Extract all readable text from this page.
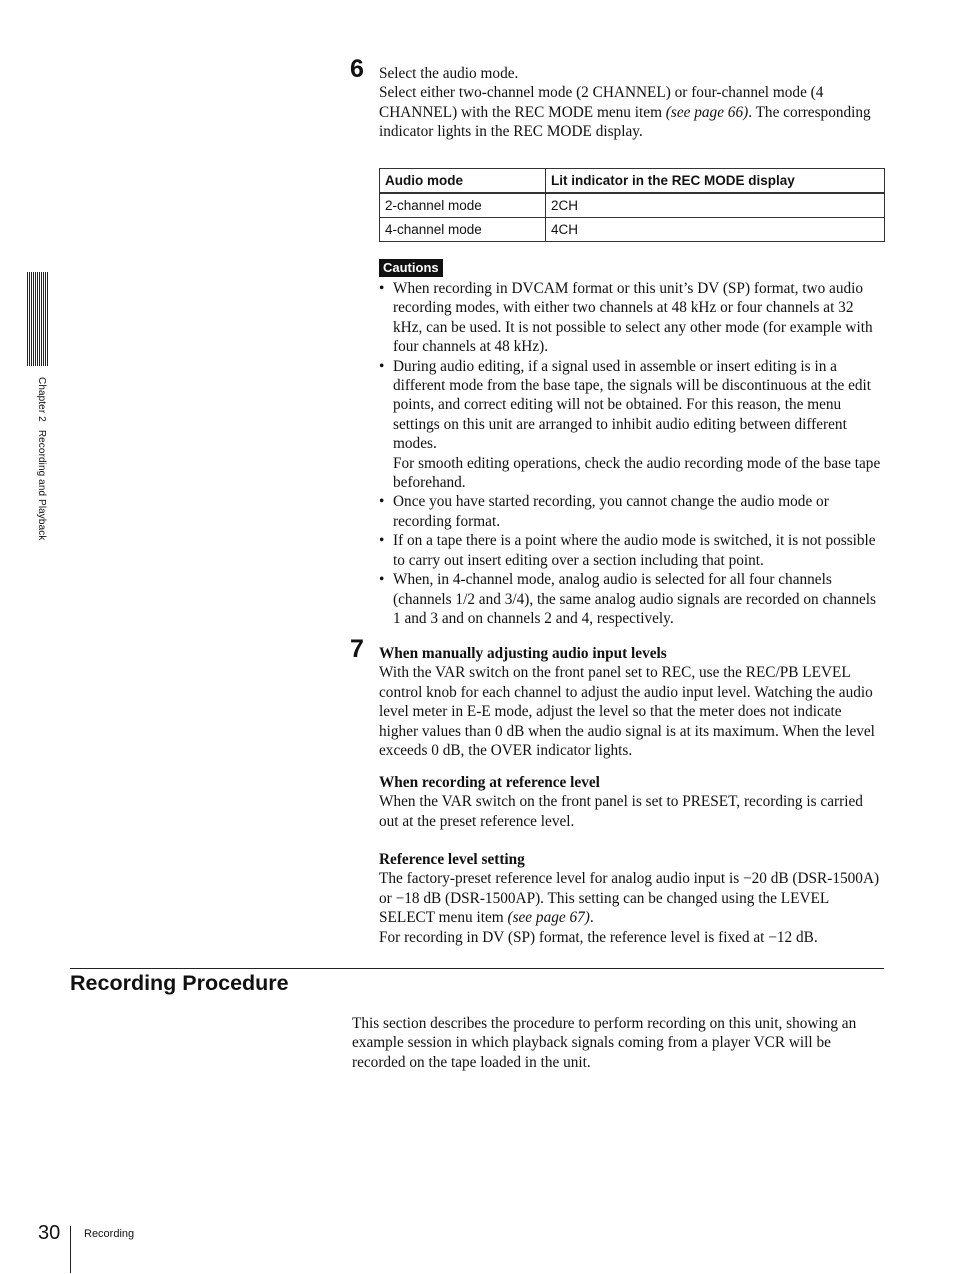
Chapter 2Recording and Playback
6 Select the audio mode.

Select either two-channel mode (2 CHANNEL) or four-channel mode (4 CHANNEL) with the REC MODE menu item (see page 66). The corresponding indicator lights in the REC MODE display.

Audio mode	Lit indicator in the REC MODE display
2-channel mode	2CH
4-channel mode	4CH
Cautions

• When recording in DVCAM format or this unit’s DV (SP) format, two audio recording modes, with either two channels at 48 kHz or four channels at 32 kHz, can be used. It is not possible to select any other mode (for example with four channels at 48 kHz).

• During audio editing, if a signal used in assemble or insert editing is in a different mode from the base tape, the signals will be discontinuous at the edit points, and correct editing will not be obtained. For this reason, the menu settings on this unit are arranged to inhibit audio editing between different modes.

For smooth editing operations, check the audio recording mode of the base tape beforehand.

• Once you have started recording, you cannot change the audio mode or recording format.

• If on a tape there is a point where the audio mode is switched, it is not possible to carry out insert editing over a section including that point.

• When, in 4-channel mode, analog audio is selected for all four channels (channels 1/2 and 3/4), the same analog audio signals are recorded on channels 1 and 3 and on channels 2 and 4, respectively.

7 When manually adjusting audio input levels

With the VAR switch on the front panel set to REC, use the REC/PB LEVEL control knob for each channel to adjust the audio input level. Watching the audio level meter in E-E mode, adjust the level so that the meter does not indicate higher values than 0 dB when the audio signal is at its maximum. When the level exceeds 0 dB, the OVER indicator lights.

When recording at reference level

When the VAR switch on the front panel is set to PRESET, recording is carried out at the preset reference level.

Reference level setting

The factory-preset reference level for analog audio input is −20 dB (DSR-1500A) or −18 dB (DSR-1500AP). This setting can be changed using the LEVEL SELECT menu item (see page 67).

For recording in DV (SP) format, the reference level is fixed at −12 dB.

Recording Procedure

This section describes the procedure to perform recording on this unit, showing an example session in which playback signals coming from a player VCR will be recorded on the tape loaded in the unit.

30 Recording
